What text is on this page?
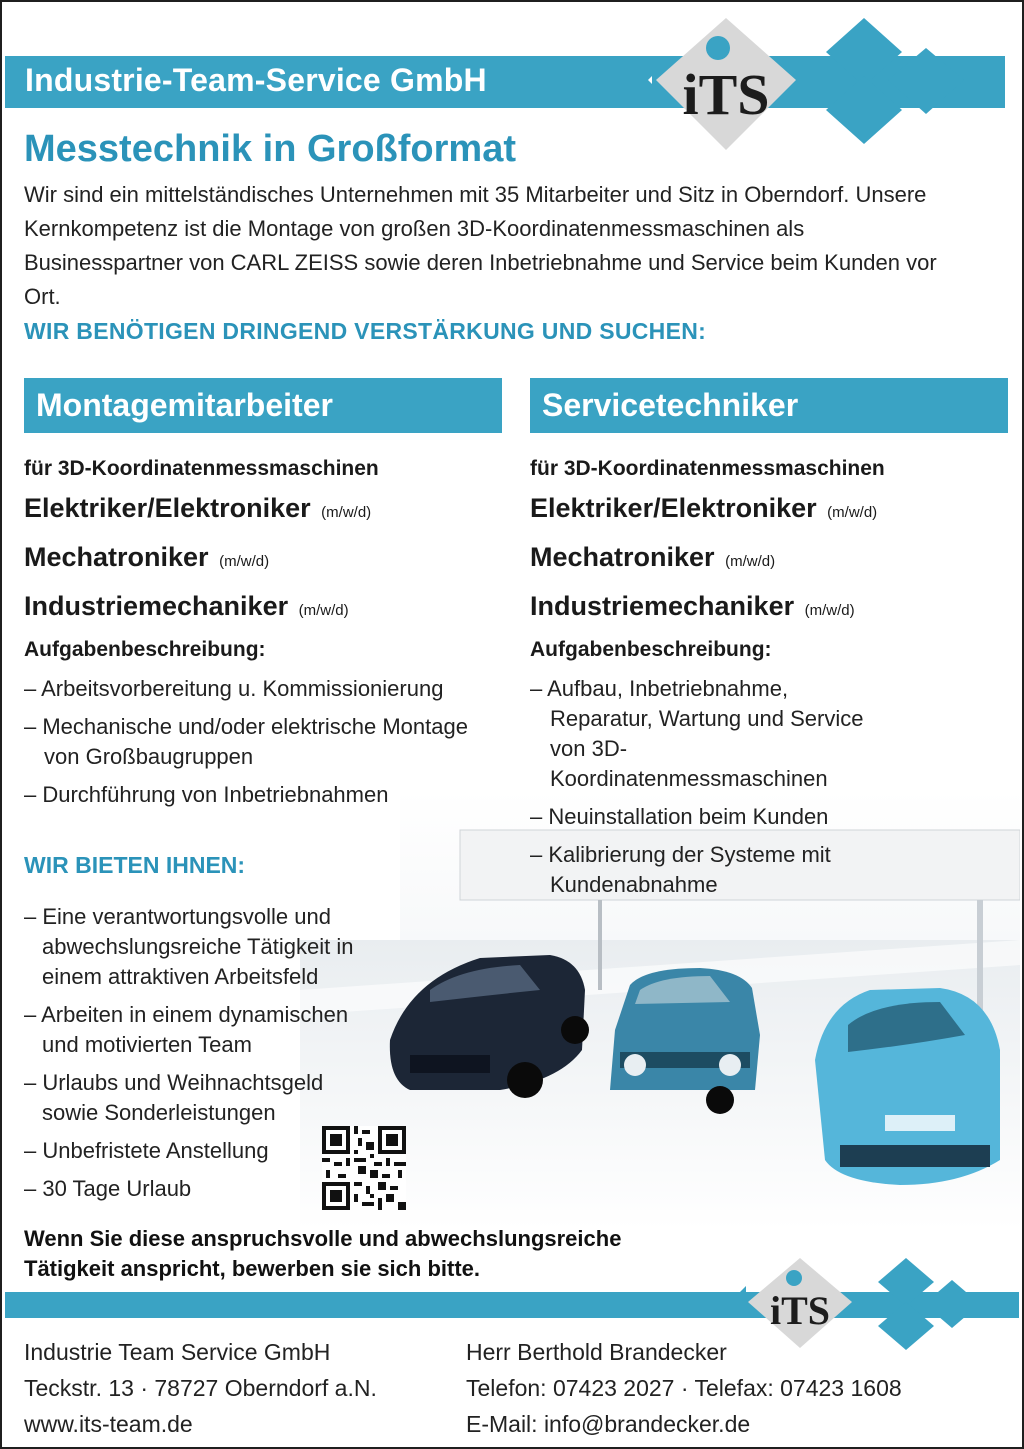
Industrie-Team-Service GmbH	iTS
Messtechnik in Großformat
Wir sind ein mittelständisches Unternehmen mit 35 Mitarbeiter und Sitz in Oberndorf. Unsere Kernkompetenz ist die Montage von großen 3D-Koordinatenmessmaschinen als Businesspartner von CARL ZEISS sowie deren Inbetriebnahme und Service beim Kunden vor Ort.
WIR BENÖTIGEN DRINGEND VERSTÄRKUNG UND SUCHEN:
Montagemitarbeiter
für 3D-Koordinatenmessmaschinen
Elektriker/Elektroniker (m/w/d)
Mechatroniker (m/w/d)
Industriemechaniker (m/w/d)
Aufgabenbeschreibung:
– Arbeitsvorbereitung u. Kommissionierung
– Mechanische und/oder elektrische Montage von Großbaugruppen
– Durchführung von Inbetriebnahmen
Servicetechniker
für 3D-Koordinatenmessmaschinen
Elektriker/Elektroniker (m/w/d)
Mechatroniker (m/w/d)
Industriemechaniker (m/w/d)
Aufgabenbeschreibung:
– Aufbau, Inbetriebnahme, Reparatur, Wartung und Service von 3D-Koordinatenmessmaschinen
– Neuinstallation beim Kunden
– Kalibrierung der Systeme mit Kundenabnahme
WIR BIETEN IHNEN:
– Eine verantwortungsvolle und abwechslungsreiche Tätigkeit in einem attraktiven Arbeitsfeld
– Arbeiten in einem dynamischen und motivierten Team
– Urlaubs und Weihnachtsgeld sowie Sonderleistungen
– Unbefristete Anstellung
– 30 Tage Urlaub
Wenn Sie diese anspruchsvolle und abwechslungsreiche
Tätigkeit anspricht, bewerben sie sich bitte.
iTS
Industrie Team Service GmbH
Teckstr. 13 · 78727 Oberndorf a.N.
www.its-team.de
Herr Berthold Brandecker
Telefon: 07423 2027 · Telefax: 07423 1608
E-Mail: info@brandecker.de
